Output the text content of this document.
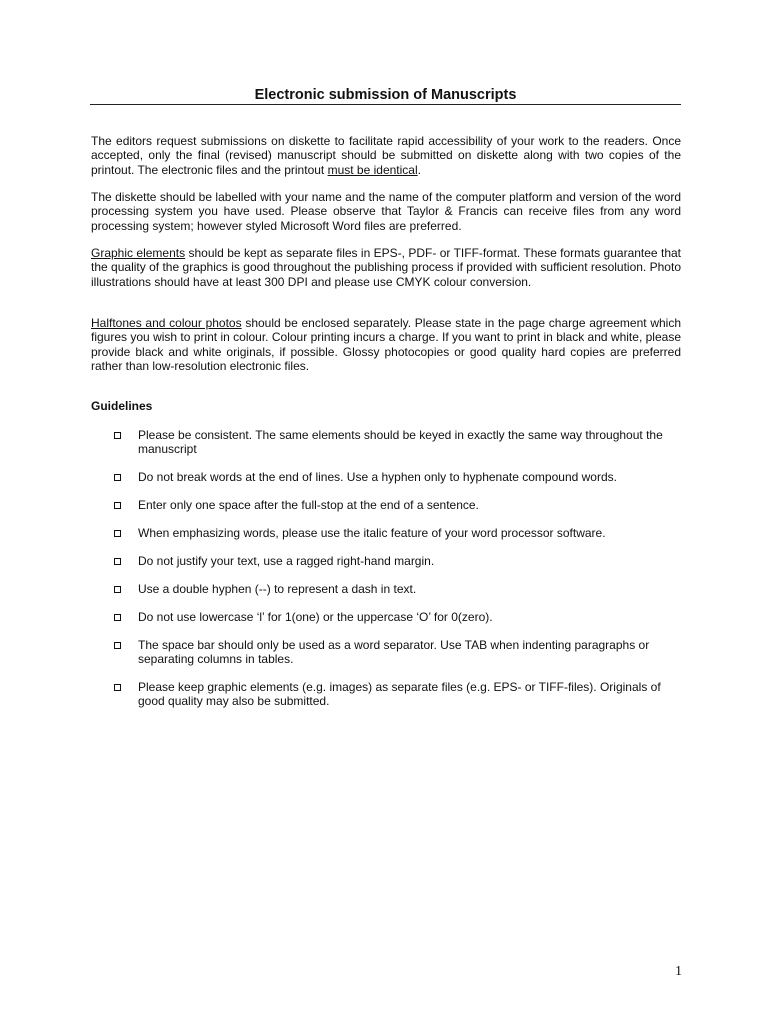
Electronic submission of Manuscripts

The editors request submissions on diskette to facilitate rapid accessibility of your work to the readers. Once accepted, only the final (revised) manuscript should be submitted on diskette along with two copies of the printout. The electronic files and the printout must be identical.

The diskette should be labelled with your name and the name of the computer platform and version of the word processing system you have used. Please observe that Taylor & Francis can receive files from any word processing system; however styled Microsoft Word files are preferred.

Graphic elements should be kept as separate files in EPS-, PDF- or TIFF-format. These formats guarantee that the quality of the graphics is good throughout the publishing process if provided with sufficient resolution. Photo illustrations should have at least 300 DPI and please use CMYK colour conversion.

Halftones and colour photos should be enclosed separately. Please state in the page charge agreement which figures you wish to print in colour. Colour printing incurs a charge. If you want to print in black and white, please provide black and white originals, if possible. Glossy photocopies or good quality hard copies are preferred rather than low-resolution electronic files.

Guidelines
Please be consistent. The same elements should be keyed in exactly the same way throughout the manuscript
Do not break words at the end of lines. Use a hyphen only to hyphenate compound words.
Enter only one space after the full-stop at the end of a sentence.
When emphasizing words, please use the italic feature of your word processor software.
Do not justify your text, use a ragged right-hand margin.
Use a double hyphen (--) to represent a dash in text.
Do not use lowercase ‘l’ for 1(one) or the uppercase ‘O’ for 0(zero).
The space bar should only be used as a word separator. Use TAB when indenting paragraphs or separating columns in tables.
Please keep graphic elements (e.g. images) as separate files (e.g. EPS- or TIFF-files). Originals of good quality may also be submitted.
1
